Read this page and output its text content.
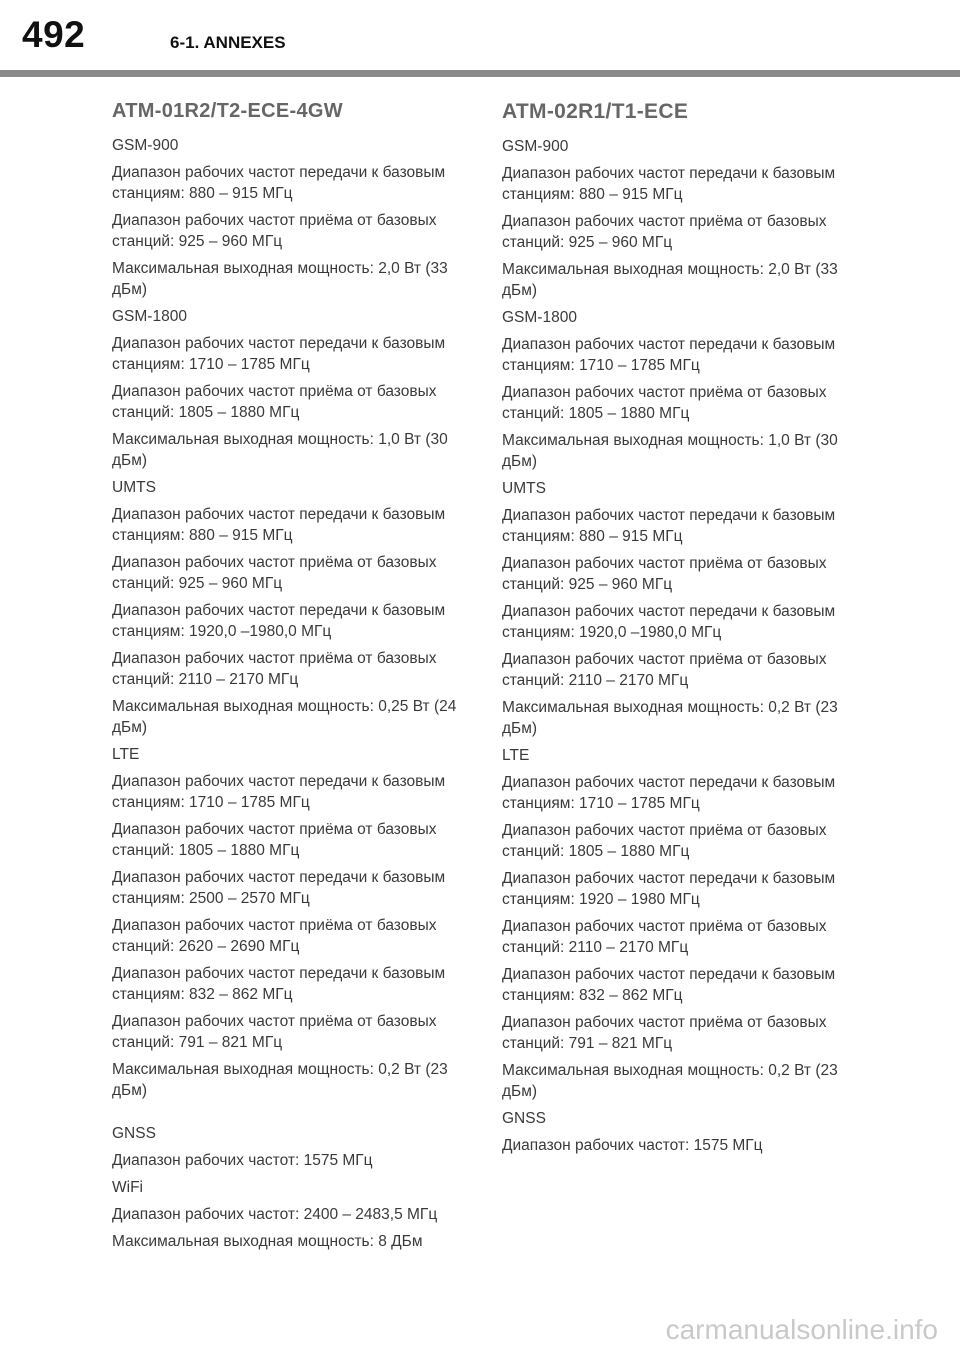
492	6-1. ANNEXES
ATM-01R2/T2-ECE-4GW
GSM-900
Диапазон рабочих частот передачи к базовым станциям: 880 – 915 МГц
Диапазон рабочих частот приёма от базовых станций: 925 – 960 МГц
Максимальная выходная мощность: 2,0 Вт (33 дБм)
GSM-1800
Диапазон рабочих частот передачи к базовым станциям: 1710 – 1785 МГц
Диапазон рабочих частот приёма от базовых станций: 1805 – 1880 МГц
Максимальная выходная мощность: 1,0 Вт (30 дБм)
UMTS
Диапазон рабочих частот передачи к базовым станциям: 880 – 915 МГц
Диапазон рабочих частот приёма от базовых станций: 925 – 960 МГц
Диапазон рабочих частот передачи к базовым станциям: 1920,0 –1980,0 МГц
Диапазон рабочих частот приёма от базовых станций: 2110 – 2170 МГц
Максимальная выходная мощность: 0,25 Вт (24 дБм)
LTE
Диапазон рабочих частот передачи к базовым станциям: 1710 – 1785 МГц
Диапазон рабочих частот приёма от базовых станций: 1805 – 1880 МГц
Диапазон рабочих частот передачи к базовым станциям: 2500 – 2570 МГц
Диапазон рабочих частот приёма от базовых станций: 2620 – 2690 МГц
Диапазон рабочих частот передачи к базовым станциям: 832 – 862 МГц
Диапазон рабочих частот приёма от базовых станций: 791 – 821 МГц
Максимальная выходная мощность: 0,2 Вт (23 дБм)
GNSS
Диапазон рабочих частот: 1575 МГц
WiFi
Диапазон рабочих частот: 2400 – 2483,5 МГц
Максимальная выходная мощность: 8 ДБм
ATM-02R1/T1-ECE
GSM-900
Диапазон рабочих частот передачи к базовым станциям: 880 – 915 МГц
Диапазон рабочих частот приёма от базовых станций: 925 – 960 МГц
Максимальная выходная мощность: 2,0 Вт (33 дБм)
GSM-1800
Диапазон рабочих частот передачи к базовым станциям: 1710 – 1785 МГц
Диапазон рабочих частот приёма от базовых станций: 1805 – 1880 МГц
Максимальная выходная мощность: 1,0 Вт (30 дБм)
UMTS
Диапазон рабочих частот передачи к базовым станциям: 880 – 915 МГц
Диапазон рабочих частот приёма от базовых станций: 925 – 960 МГц
Диапазон рабочих частот передачи к базовым станциям: 1920,0 –1980,0 МГц
Диапазон рабочих частот приёма от базовых станций: 2110 – 2170 МГц
Максимальная выходная мощность: 0,2 Вт (23 дБм)
LTE
Диапазон рабочих частот передачи к базовым станциям: 1710 – 1785 МГц
Диапазон рабочих частот приёма от базовых станций: 1805 – 1880 МГц
Диапазон рабочих частот передачи к базовым станциям: 1920 – 1980 МГц
Диапазон рабочих частот приёма от базовых станций: 2110 – 2170 МГц
Диапазон рабочих частот передачи к базовым станциям: 832 – 862 МГц
Диапазон рабочих частот приёма от базовых станций: 791 – 821 МГц
Максимальная выходная мощность: 0,2 Вт (23 дБм)
GNSS
Диапазон рабочих частот: 1575 МГц
carmanualsonline.info
